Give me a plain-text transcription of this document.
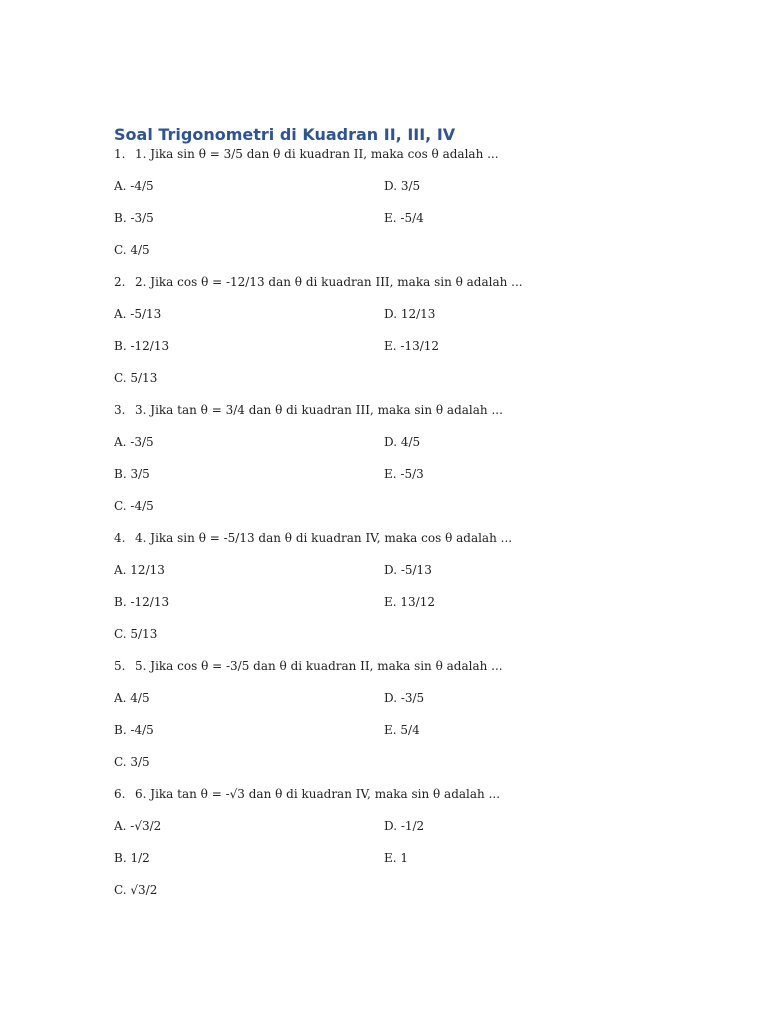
Soal Trigonometri di Kuadran II, III, IV
1. 1. Jika sin θ = 3/5 dan θ di kuadran II, maka cos θ adalah ...
A. -4/5	D. 3/5
B. -3/5	E. -5/4
C. 4/5
2. 2. Jika cos θ = -12/13 dan θ di kuadran III, maka sin θ adalah ...
A. -5/13	D. 12/13
B. -12/13	E. -13/12
C. 5/13
3. 3. Jika tan θ = 3/4 dan θ di kuadran III, maka sin θ adalah ...
A. -3/5	D. 4/5
B. 3/5	E. -5/3
C. -4/5
4. 4. Jika sin θ = -5/13 dan θ di kuadran IV, maka cos θ adalah ...
A. 12/13	D. -5/13
B. -12/13	E. 13/12
C. 5/13
5. 5. Jika cos θ = -3/5 dan θ di kuadran II, maka sin θ adalah ...
A. 4/5	D. -3/5
B. -4/5	E. 5/4
C. 3/5
6. 6. Jika tan θ = -√3 dan θ di kuadran IV, maka sin θ adalah ...
A. -√3/2	D. -1/2
B. 1/2	E. 1
C. √3/2
